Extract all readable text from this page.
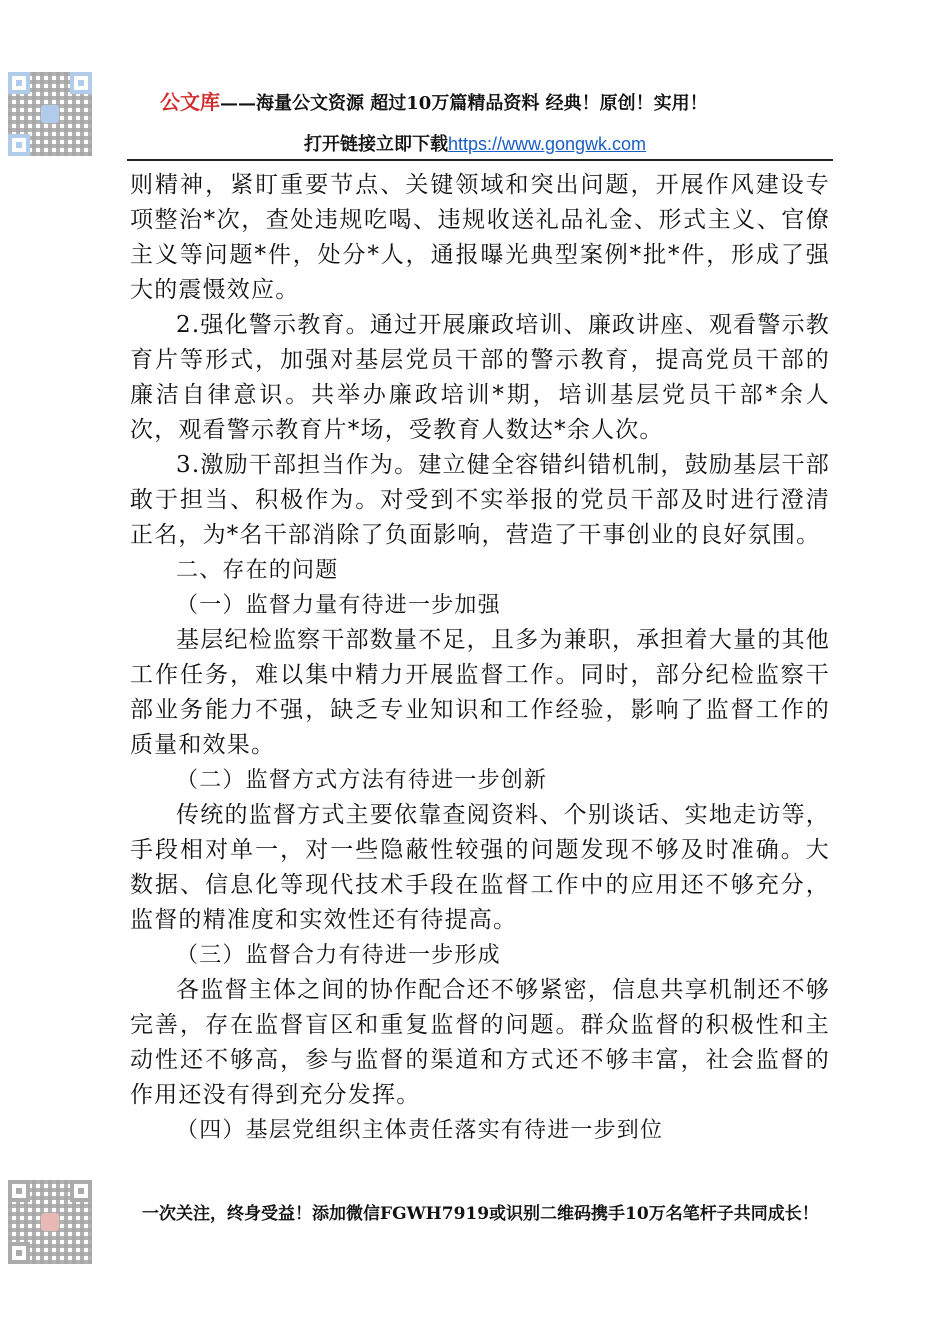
公文库——海量公文资源 超过10万篇精品资料 经典！原创！实用！
打开链接立即下载https://www.gongwk.com

则精神，紧盯重要节点、关键领域和突出问题，开展作风建设专项整治*次，查处违规吃喝、违规收送礼品礼金、形式主义、官僚主义等问题*件，处分*人，通报曝光典型案例*批*件，形成了强大的震慑效应。

2.强化警示教育。通过开展廉政培训、廉政讲座、观看警示教育片等形式，加强对基层党员干部的警示教育，提高党员干部的廉洁自律意识。共举办廉政培训*期，培训基层党员干部*余人次，观看警示教育片*场，受教育人数达*余人次。

3.激励干部担当作为。建立健全容错纠错机制，鼓励基层干部敢于担当、积极作为。对受到不实举报的党员干部及时进行澄清正名，为*名干部消除了负面影响，营造了干事创业的良好氛围。

二、存在的问题

（一）监督力量有待进一步加强

基层纪检监察干部数量不足，且多为兼职，承担着大量的其他工作任务，难以集中精力开展监督工作。同时，部分纪检监察干部业务能力不强，缺乏专业知识和工作经验，影响了监督工作的质量和效果。

（二）监督方式方法有待进一步创新

传统的监督方式主要依靠查阅资料、个别谈话、实地走访等，手段相对单一，对一些隐蔽性较强的问题发现不够及时准确。大数据、信息化等现代技术手段在监督工作中的应用还不够充分，监督的精准度和实效性还有待提高。

（三）监督合力有待进一步形成

各监督主体之间的协作配合还不够紧密，信息共享机制还不够完善，存在监督盲区和重复监督的问题。群众监督的积极性和主动性还不够高，参与监督的渠道和方式还不够丰富，社会监督的作用还没有得到充分发挥。

（四）基层党组织主体责任落实有待进一步到位

一次关注，终身受益！添加微信FGWH7919或识别二维码携手10万名笔杆子共同成长！
